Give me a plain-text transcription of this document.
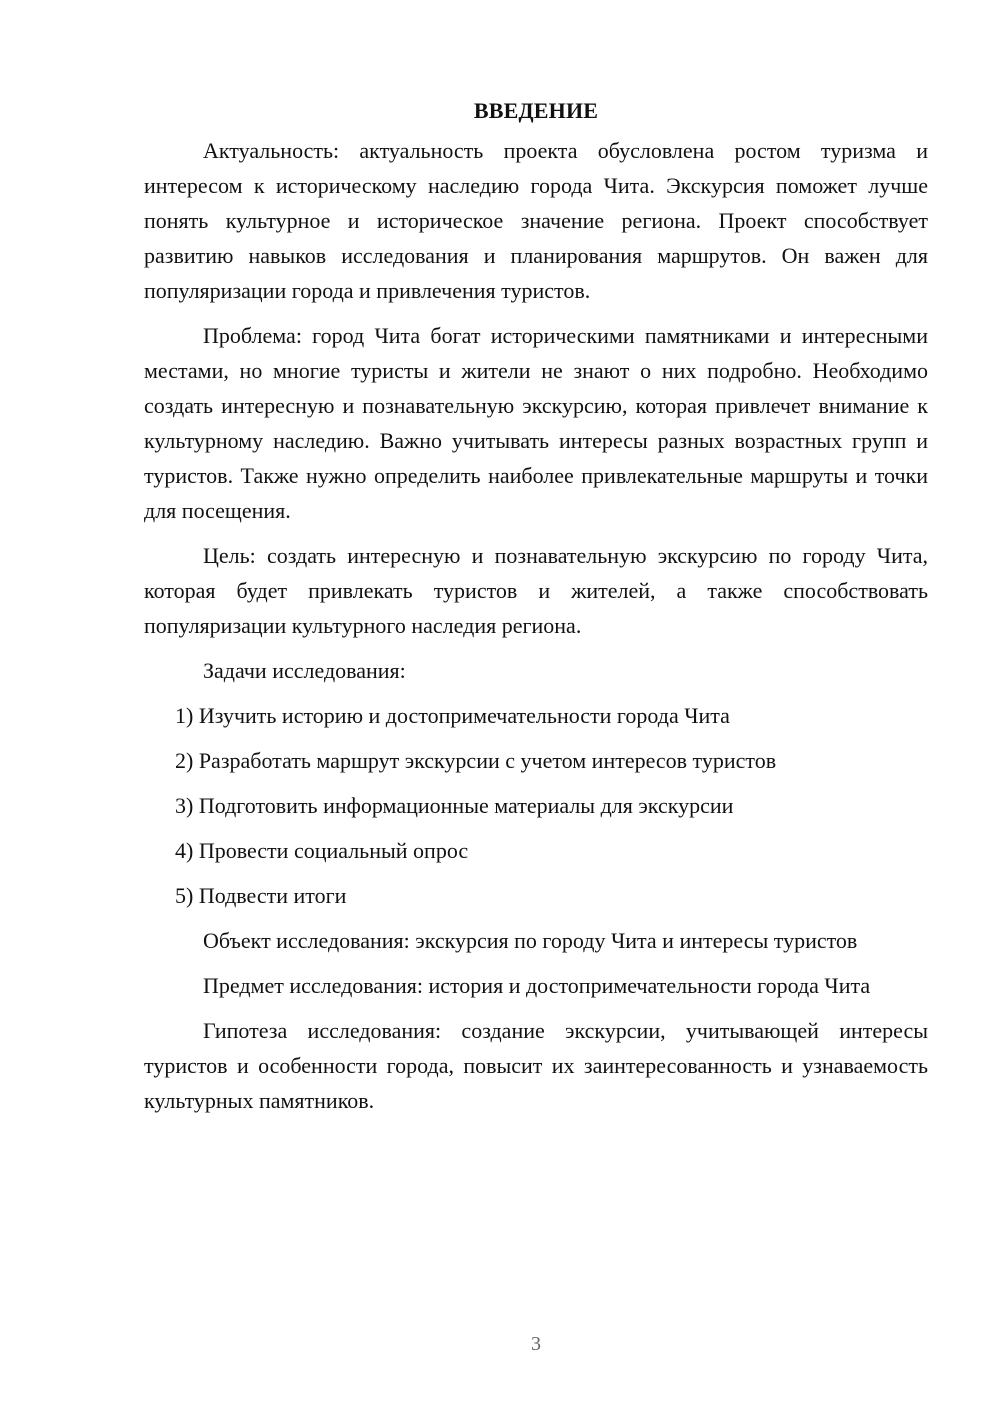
ВВЕДЕНИЕ

Актуальность: актуальность проекта обусловлена ростом туризма и интересом к историческому наследию города Чита. Экскурсия поможет лучше понять культурное и историческое значение региона. Проект способствует развитию навыков исследования и планирования маршрутов. Он важен для популяризации города и привлечения туристов.

Проблема: город Чита богат историческими памятниками и интересными местами, но многие туристы и жители не знают о них подробно. Необходимо создать интересную и познавательную экскурсию, которая привлечет внимание к культурному наследию. Важно учитывать интересы разных возрастных групп и туристов. Также нужно определить наиболее привлекательные маршруты и точки для посещения.

Цель: создать интересную и познавательную экскурсию по городу Чита, которая будет привлекать туристов и жителей, а также способствовать популяризации культурного наследия региона.

Задачи исследования:

1) Изучить историю и достопримечательности города Чита
2) Разработать маршрут экскурсии с учетом интересов туристов
3) Подготовить информационные материалы для экскурсии
4) Провести социальный опрос
5) Подвести итоги

Объект исследования: экскурсия по городу Чита и интересы туристов

Предмет исследования: история и достопримечательности города Чита

Гипотеза исследования: создание экскурсии, учитывающей интересы туристов и особенности города, повысит их заинтересованность и узнаваемость культурных памятников.

3
